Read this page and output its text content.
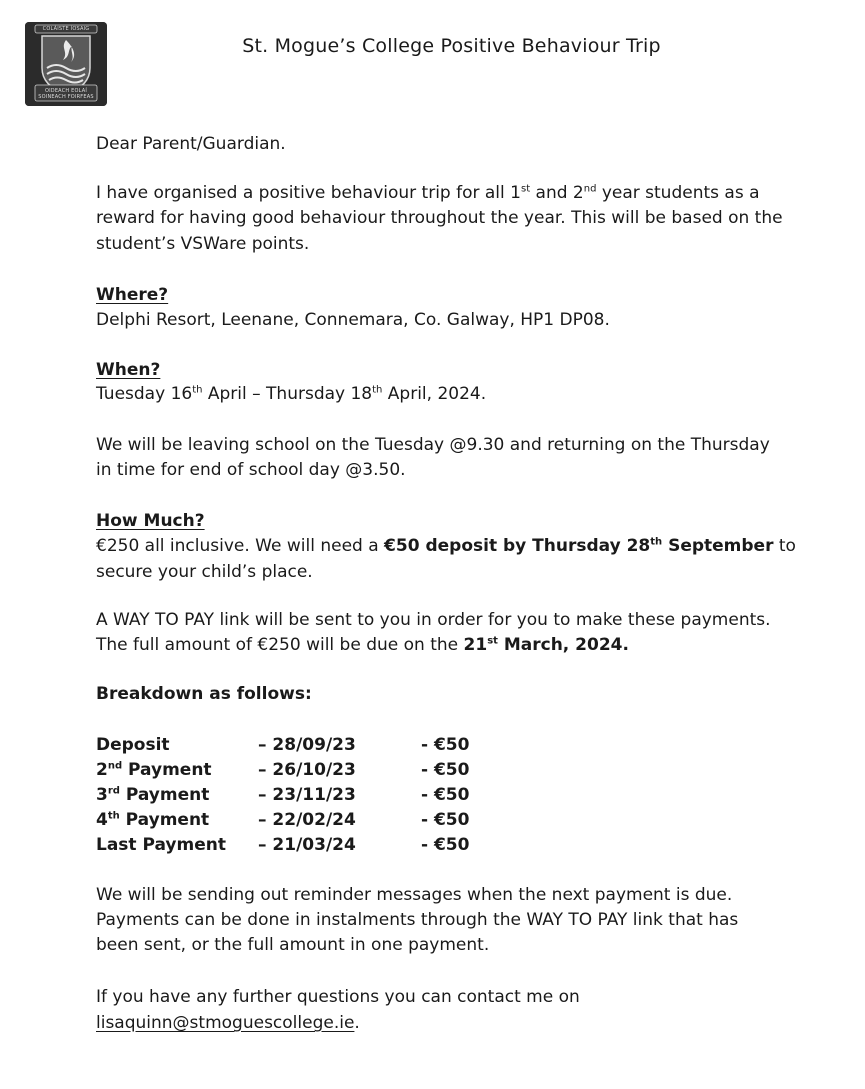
COLÁISTE ÍOSAIG
OIDEACH EOLAÍ
SOINEACH FOIRFEAS
St. Mogue’s College Positive Behaviour Trip
Dear Parent/Guardian.
I have organised a positive behaviour trip for all 1st and 2nd year students as a
reward for having good behaviour throughout the year. This will be based on the
student’s VSWare points.
Where?
Delphi Resort, Leenane, Connemara, Co. Galway, HP1 DP08.
When?
Tuesday 16th April – Thursday 18th April, 2024.
We will be leaving school on the Tuesday @9.30 and returning on the Thursday
in time for end of school day @3.50.
How Much?
€250 all inclusive. We will need a €50 deposit by Thursday 28th September to
secure your child’s place.
A WAY TO PAY link will be sent to you in order for you to make these payments.
The full amount of €250 will be due on the 21st March, 2024.
Breakdown as follows:
Deposit	– 28/09/23	- €50
2nd Payment	– 26/10/23	- €50
3rd Payment	– 23/11/23	- €50
4th Payment	– 22/02/24	- €50
Last Payment – 21/03/24	- €50
We will be sending out reminder messages when the next payment is due.
Payments can be done in instalments through the WAY TO PAY link that has
been sent, or the full amount in one payment.
If you have any further questions you can contact me on
lisaquinn@stmoguescollege.ie.
